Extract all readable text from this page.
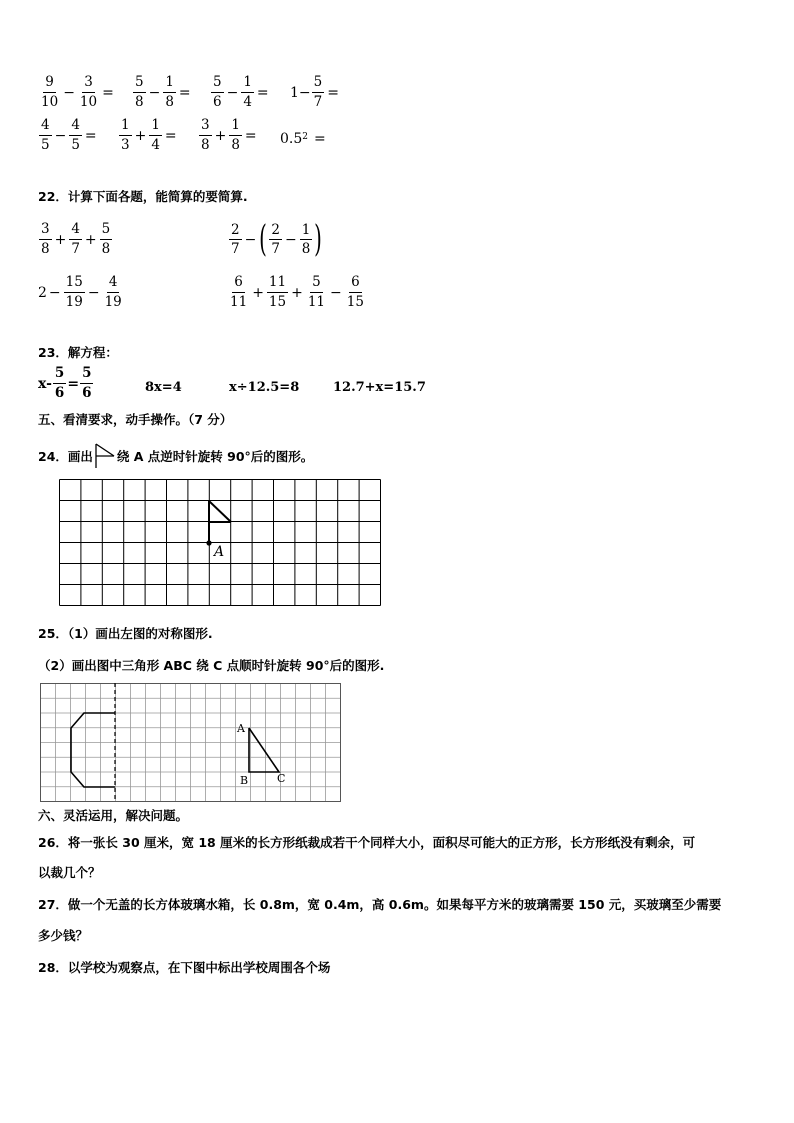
$\frac{9}{10} - \frac{3}{10} = \frac{5}{8} - \frac{1}{8} = \frac{5}{6} - \frac{1}{4} = 1- \frac{5}{7}$ =
$\frac{4}{5} - \frac{4}{5} = \frac{1}{3} + \frac{1}{4} = \frac{3}{8} + \frac{1}{8} = 0.5^2$ =
22．计算下面各题，能简算的要简算.
$\frac{3}{8} + \frac{4}{7} + \frac{5}{8}$	$\frac{2}{7}$ − ( $\frac{2}{7} - \frac{1}{8}$ )
$2 - \frac{15}{19} - \frac{4}{19}$	$\frac{6}{11} + \frac{11}{15} + \frac{5}{11} - \frac{6}{15}$
23．解方程：
$x- \frac{5}{6} = \frac{5}{6}$	8x=4	x÷12.5=8	12.7+x=15.7
五、看清要求，动手操作。（7 分）
24．画出 绕 A 点逆时针旋转 90°后的图形。
A
25．（1）画出左图的对称图形.
（2）画出图中三角形 ABC 绕 C 点顺时针旋转 90°后的图形.
A
B	C
六、灵活运用，解决问题。
26．将一张长 30 厘米，宽 18 厘米的长方形纸裁成若干个同样大小，面积尽可能大的正方形，长方形纸没有剩余，可
以裁几个？
27．做一个无盖的长方体玻璃水箱，长 0.8m，宽 0.4m，高 0.6m。如果每平方米的玻璃需要 150 元，买玻璃至少需要
多少钱？
28．以学校为观察点，在下图中标出学校周围各个场
